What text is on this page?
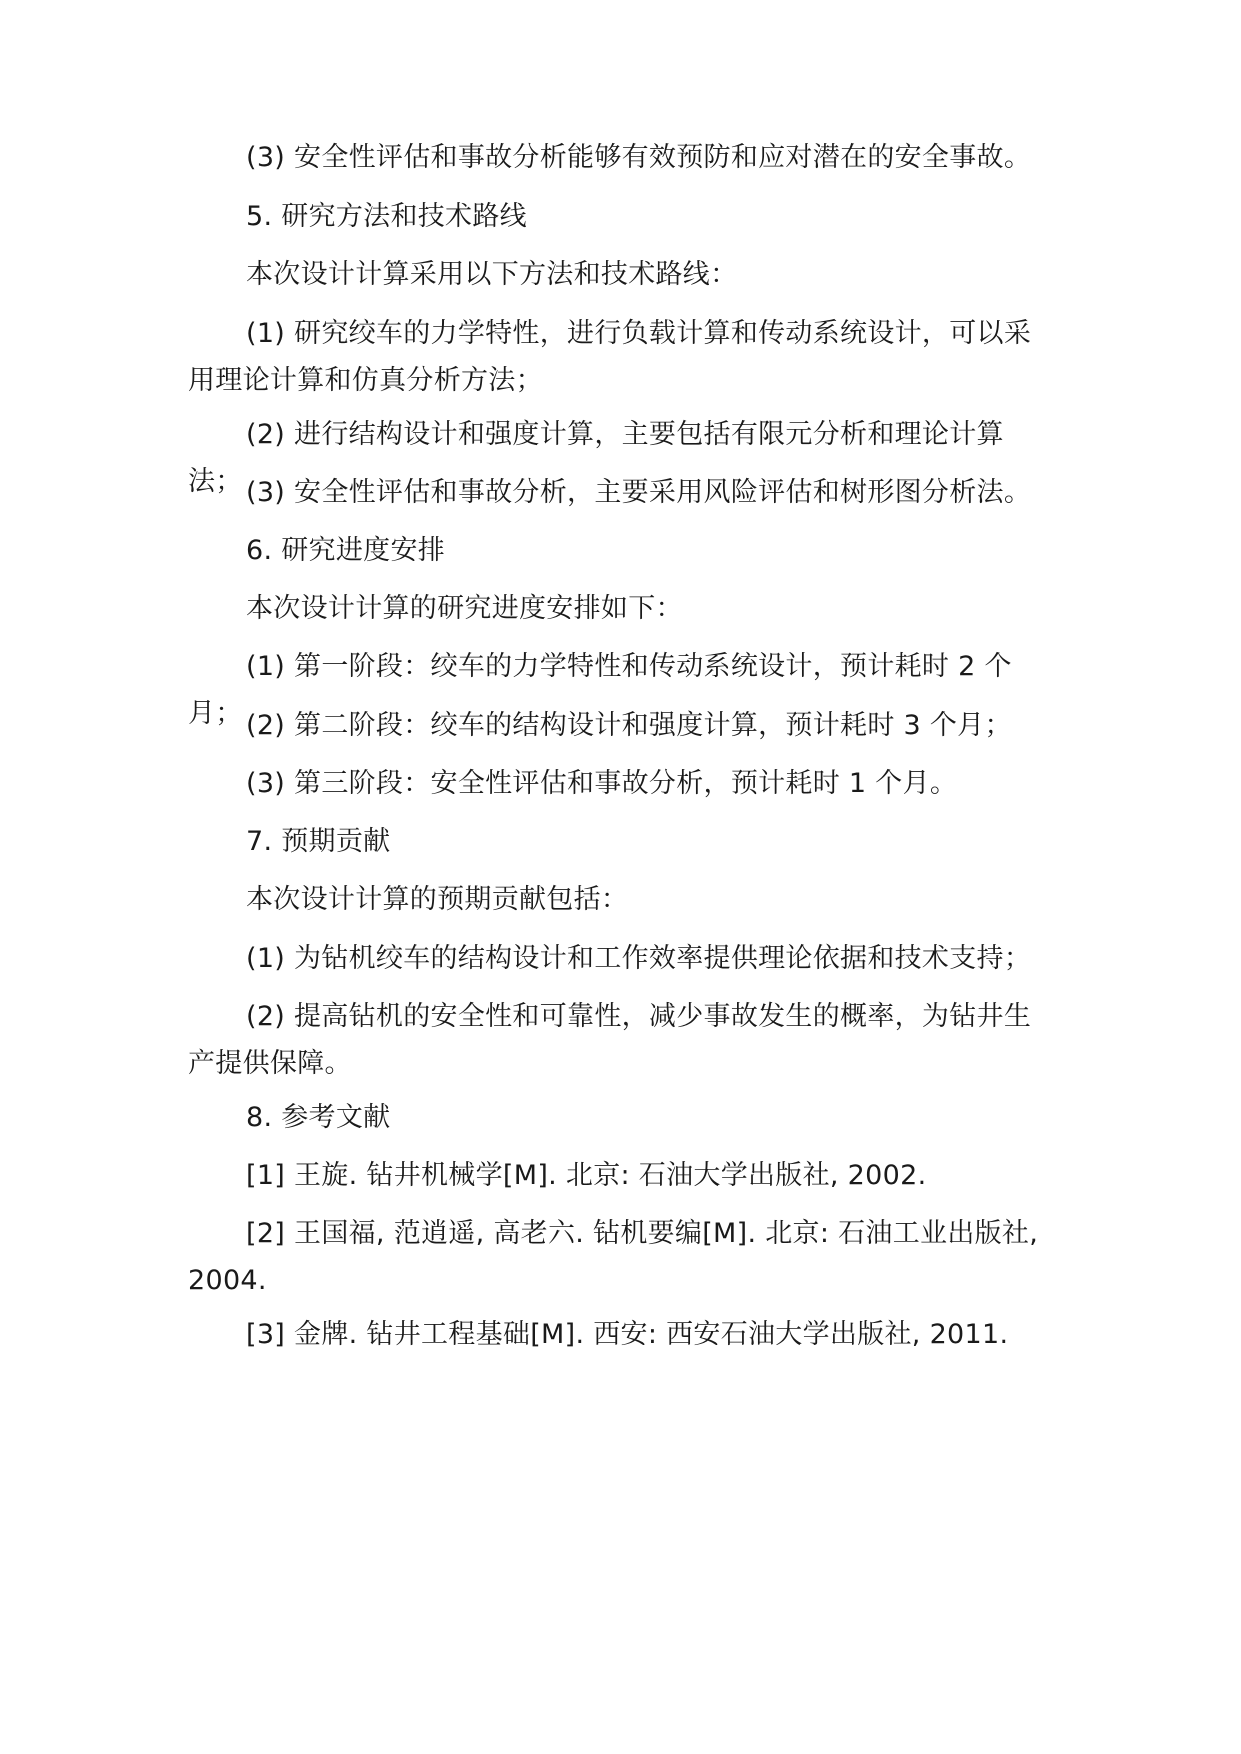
(3) 安全性评估和事故分析能够有效预防和应对潜在的安全事故。

5. 研究方法和技术路线

本次设计计算采用以下方法和技术路线：

(1) 研究绞车的力学特性，进行负载计算和传动系统设计，可以采用理论计算和仿真分析方法；

(2) 进行结构设计和强度计算，主要包括有限元分析和理论计算法； (3) 安全性评估和事故分析，主要采用风险评估和树形图分析法。

6. 研究进度安排

本次设计计算的研究进度安排如下：

(1) 第一阶段：绞车的力学特性和传动系统设计，预计耗时 2 个月； (2) 第二阶段：绞车的结构设计和强度计算，预计耗时 3 个月；

(3) 第三阶段：安全性评估和事故分析，预计耗时 1 个月。

7. 预期贡献

本次设计计算的预期贡献包括：

(1) 为钻机绞车的结构设计和工作效率提供理论依据和技术支持；

(2) 提高钻机的安全性和可靠性，减少事故发生的概率，为钻井生产提供保障。

8. 参考文献

[1] 王旋. 钻井机械学[M]. 北京: 石油大学出版社, 2002.

[2] 王国福, 范逍遥, 高老六. 钻机要编[M]. 北京: 石油工业出版社, 2004.

[3] 金牌. 钻井工程基础[M]. 西安: 西安石油大学出版社, 2011.
